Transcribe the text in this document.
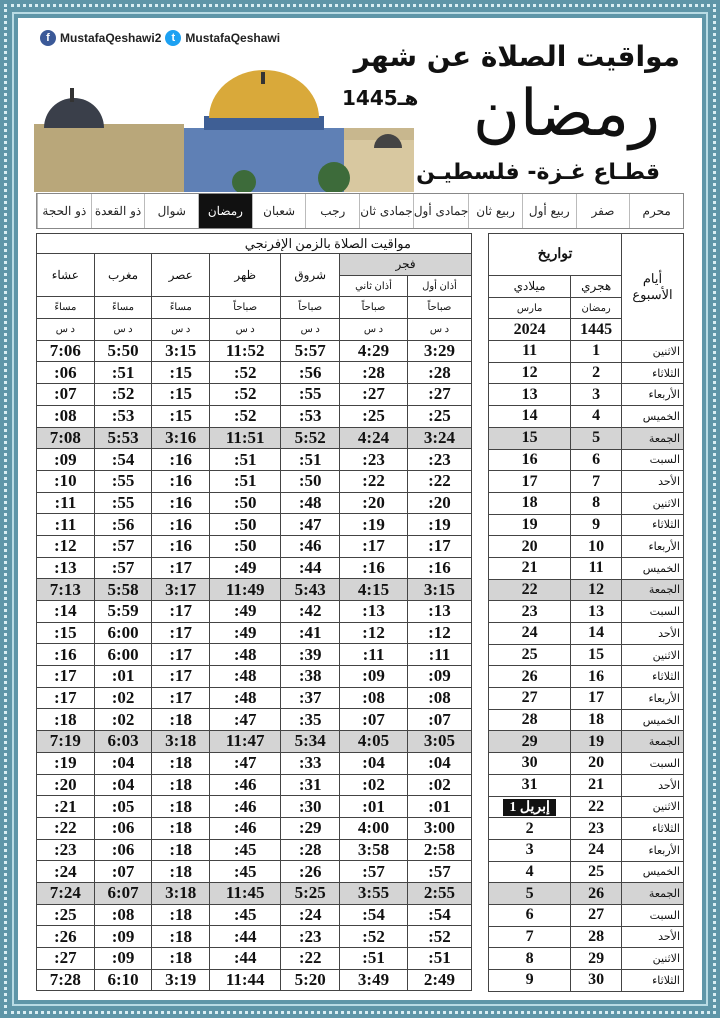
f MustafaQeshawi2 t MustafaQeshawi
مواقيت الصلاة عن شهر
1445هـ رمضان
قطـاع غـزة- فلسطيـن
محرم
صفر
ربيع أول
ربيع ثان
جمادى أول
جمادى ثان
رجب
شعبان
رمضان
شوال
ذو القعدة
ذو الحجة
مواقيت الصلاة بالزمن الإفرنجي						
عشاء	مغرب	عصر	ظهر	شروق	فجر	
					أذان ثاني	أذان أول
مساءً	مساءً	مساءً	صباحاً	صباحاً	صباحاً	صباحاً
د س	د س	د س	د س	د س	د س	د س
7:06	5:50	3:15	11:52	5:57	4:29	3:29
:06	:51	:15	:52	:56	:28	:28
:07	:52	:15	:52	:55	:27	:27
:08	:53	:15	:52	:53	:25	:25
7:08	5:53	3:16	11:51	5:52	4:24	3:24
:09	:54	:16	:51	:51	:23	:23
:10	:55	:16	:51	:50	:22	:22
:11	:55	:16	:50	:48	:20	:20
:11	:56	:16	:50	:47	:19	:19
:12	:57	:16	:50	:46	:17	:17
:13	:57	:17	:49	:44	:16	:16
7:13	5:58	3:17	11:49	5:43	4:15	3:15
:14	5:59	:17	:49	:42	:13	:13
:15	6:00	:17	:49	:41	:12	:12
:16	6:00	:17	:48	:39	:11	:11
:17	:01	:17	:48	:38	:09	:09
:17	:02	:17	:48	:37	:08	:08
:18	:02	:18	:47	:35	:07	:07
7:19	6:03	3:18	11:47	5:34	4:05	3:05
:19	:04	:18	:47	:33	:04	:04
:20	:04	:18	:46	:31	:02	:02
:21	:05	:18	:46	:30	:01	:01
:22	:06	:18	:46	:29	4:00	3:00
:23	:06	:18	:45	:28	3:58	2:58
:24	:07	:18	:45	:26	:57	:57
7:24	6:07	3:18	11:45	5:25	3:55	2:55
:25	:08	:18	:45	:24	:54	:54
:26	:09	:18	:44	:23	:52	:52
:27	:09	:18	:44	:22	:51	:51
7:28	6:10	3:19	11:44	5:20	3:49	2:49
تواريخ		أيام الأسبوع
ميلادي	هجري	
مارس	رمضان	
2024	1445	
11	1	الاثنين
12	2	الثلاثاء
13	3	الأربعاء
14	4	الخميس
15	5	الجمعة
16	6	السبت
17	7	الأحد
18	8	الاثنين
19	9	الثلاثاء
20	10	الأربعاء
21	11	الخميس
22	12	الجمعة
23	13	السبت
24	14	الأحد
25	15	الاثنين
26	16	الثلاثاء
27	17	الأربعاء
28	18	الخميس
29	19	الجمعة
30	20	السبت
31	21	الأحد
1 إبريل	22	الاثنين
2	23	الثلاثاء
3	24	الأربعاء
4	25	الخميس
5	26	الجمعة
6	27	السبت
7	28	الأحد
8	29	الاثنين
9	30	الثلاثاء
